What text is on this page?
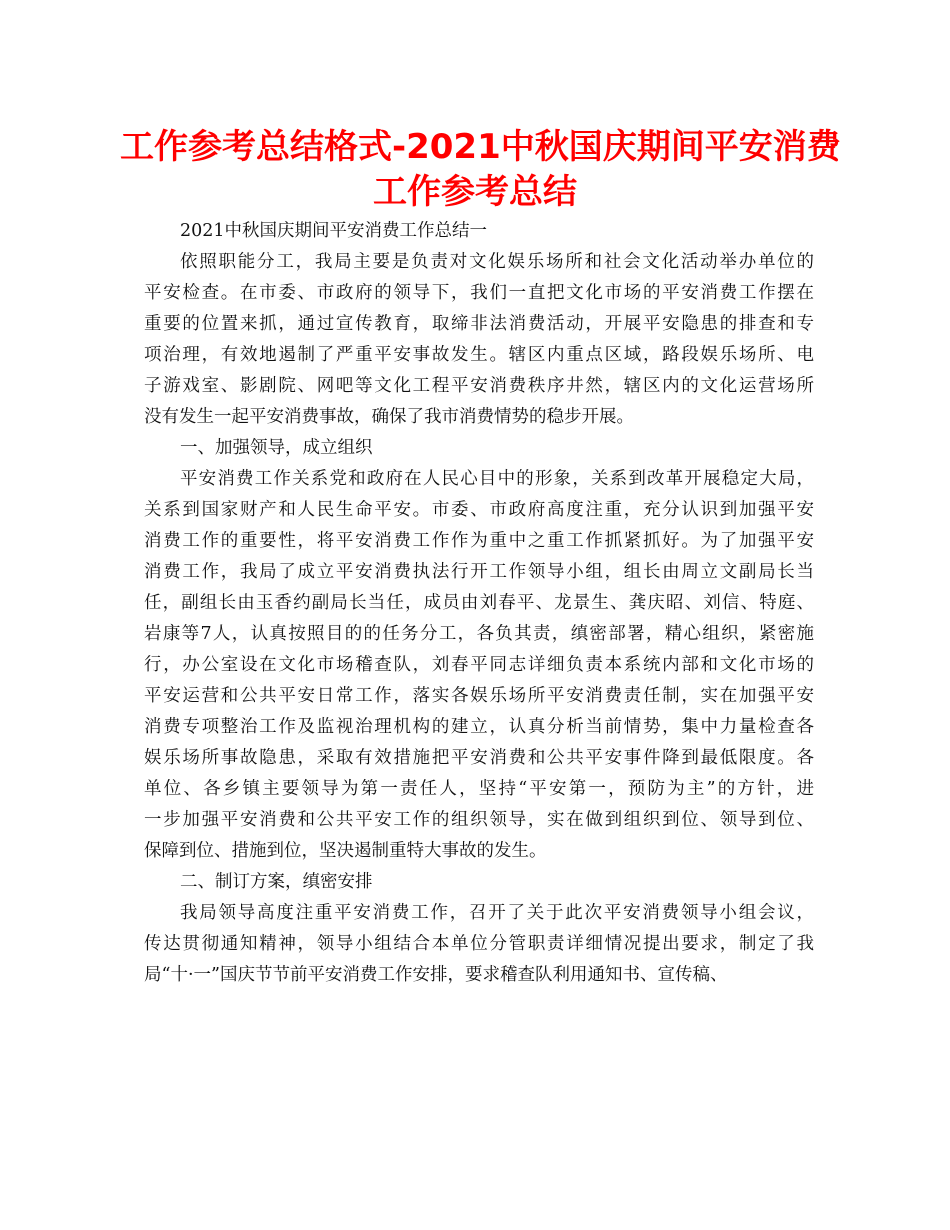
工作参考总结格式-2021中秋国庆期间平安消费
工作参考总结
2021中秋国庆期间平安消费工作总结一
依照职能分工，我局主要是负责对文化娱乐场所和社会文化活动举办单位的
平安检查。在市委、市政府的领导下，我们一直把文化市场的平安消费工作摆在
重要的位置来抓，通过宣传教育，取缔非法消费活动，开展平安隐患的排查和专
项治理，有效地遏制了严重平安事故发生。辖区内重点区域，路段娱乐场所、电
子游戏室、影剧院、网吧等文化工程平安消费秩序井然，辖区内的文化运营场所
没有发生一起平安消费事故，确保了我市消费情势的稳步开展。
一、加强领导，成立组织
平安消费工作关系党和政府在人民心目中的形象，关系到改革开展稳定大局，
关系到国家财产和人民生命平安。市委、市政府高度注重，充分认识到加强平安
消费工作的重要性，将平安消费工作作为重中之重工作抓紧抓好。为了加强平安
消费工作，我局了成立平安消费执法行开工作领导小组，组长由周立文副局长当
任，副组长由玉香约副局长当任，成员由刘春平、龙景生、龚庆昭、刘信、特庭、
岩康等7人，认真按照目的的任务分工，各负其责，缜密部署，精心组织，紧密施
行，办公室设在文化市场稽查队，刘春平同志详细负责本系统内部和文化市场的
平安运营和公共平安日常工作，落实各娱乐场所平安消费责任制，实在加强平安
消费专项整治工作及监视治理机构的建立，认真分析当前情势，集中力量检查各
娱乐场所事故隐患，采取有效措施把平安消费和公共平安事件降到最低限度。各
单位、各乡镇主要领导为第一责任人，坚持“平安第一，预防为主”的方针，进
一步加强平安消费和公共平安工作的组织领导，实在做到组织到位、领导到位、
保障到位、措施到位，坚决遏制重特大事故的发生。
二、制订方案，缜密安排
我局领导高度注重平安消费工作，召开了关于此次平安消费领导小组会议，
传达贯彻通知精神，领导小组结合本单位分管职责详细情况提出要求，制定了我
局“十·一”国庆节节前平安消费工作安排，要求稽查队利用通知书、宣传稿、
